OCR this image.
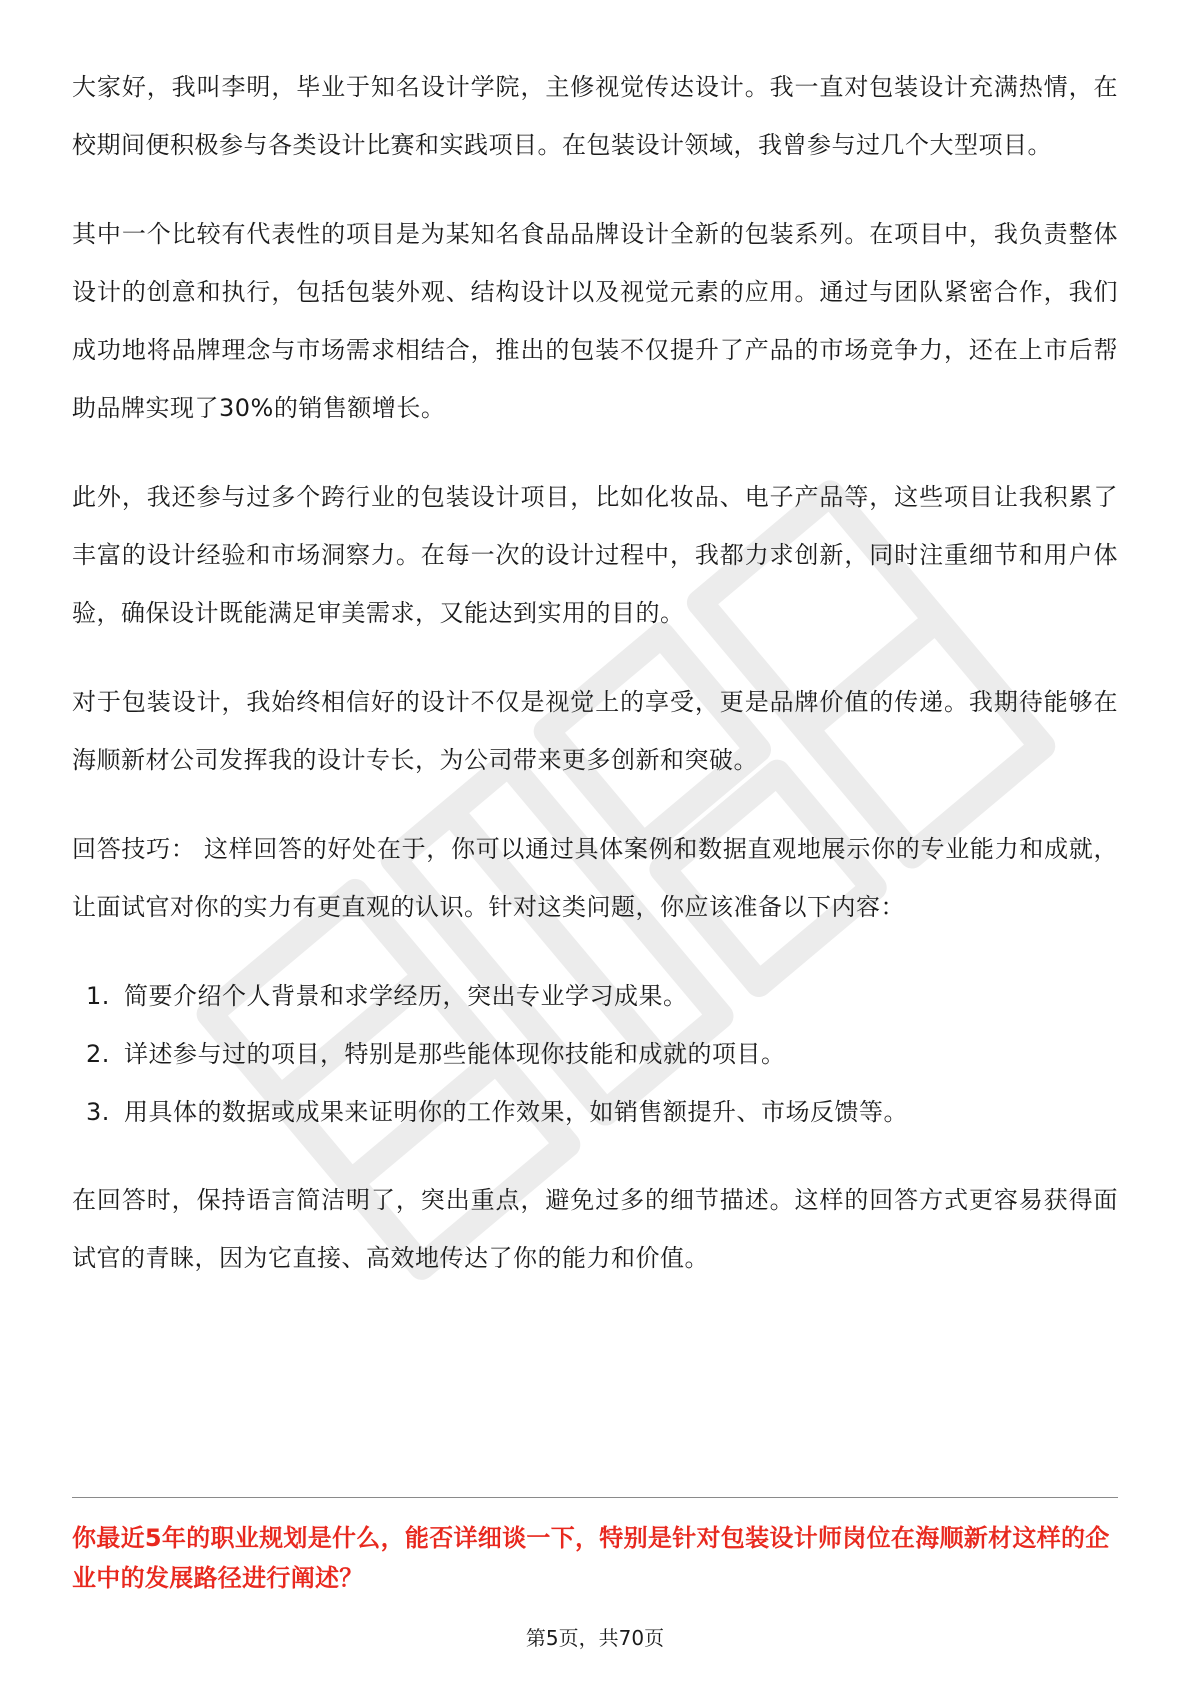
大家好，我叫李明，毕业于知名设计学院，主修视觉传达设计。我一直对包装设计充满热情，在校期间便积极参与各类设计比赛和实践项目。在包装设计领域，我曾参与过几个大型项目。

其中一个比较有代表性的项目是为某知名食品品牌设计全新的包装系列。在项目中，我负责整体设计的创意和执行，包括包装外观、结构设计以及视觉元素的应用。通过与团队紧密合作，我们成功地将品牌理念与市场需求相结合，推出的包装不仅提升了产品的市场竞争力，还在上市后帮助品牌实现了30%的销售额增长。

此外，我还参与过多个跨行业的包装设计项目，比如化妆品、电子产品等，这些项目让我积累了丰富的设计经验和市场洞察力。在每一次的设计过程中，我都力求创新，同时注重细节和用户体验，确保设计既能满足审美需求，又能达到实用的目的。

对于包装设计，我始终相信好的设计不仅是视觉上的享受，更是品牌价值的传递。我期待能够在海顺新材公司发挥我的设计专长，为公司带来更多创新和突破。

回答技巧： 这样回答的好处在于，你可以通过具体案例和数据直观地展示你的专业能力和成就，让面试官对你的实力有更直观的认识。针对这类问题，你应该准备以下内容：

1. 简要介绍个人背景和求学经历，突出专业学习成果。
2. 详述参与过的项目，特别是那些能体现你技能和成就的项目。
3. 用具体的数据或成果来证明你的工作效果，如销售额提升、市场反馈等。

在回答时，保持语言简洁明了，突出重点，避免过多的细节描述。这样的回答方式更容易获得面试官的青睐，因为它直接、高效地传达了你的能力和价值。

你最近5年的职业规划是什么，能否详细谈一下，特别是针对包装设计师岗位在海顺新材这样的企业中的发展路径进行阐述？
第5页，共70页
